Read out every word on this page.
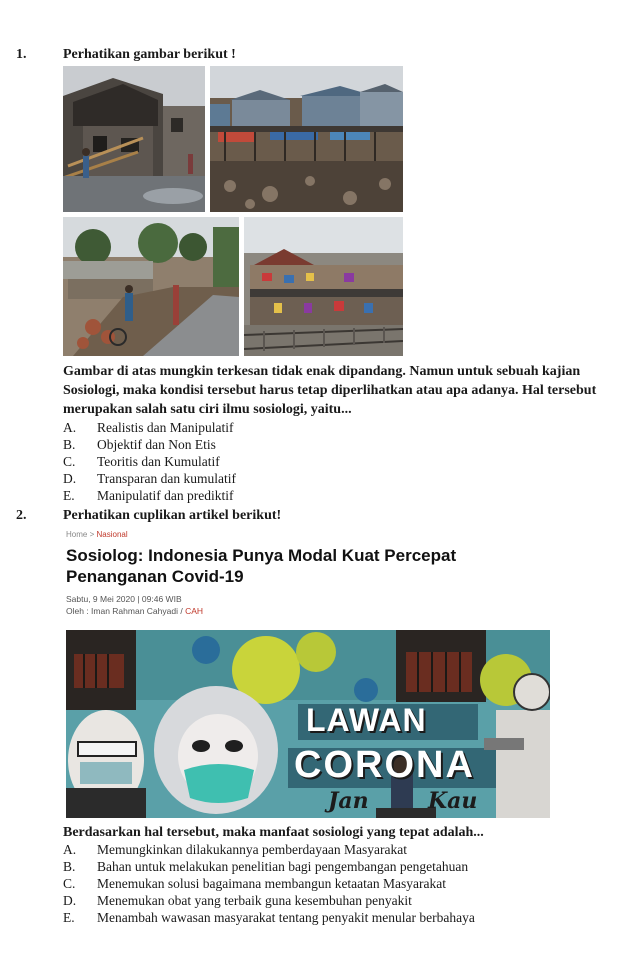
1.	Perhatikan gambar berikut !
Gambar di atas mungkin terkesan tidak enak dipandang. Namun untuk sebuah kajian
Sosiologi, maka kondisi tersebut harus tetap diperlihatkan atau apa adanya. Hal tersebut
merupakan salah satu ciri ilmu sosiologi, yaitu...
A. Realistis dan Manipulatif
B. Objektif dan Non Etis
C. Teoritis dan Kumulatif
D. Transparan dan kumulatif
E. Manipulatif dan prediktif
2.	Perhatikan cuplikan artikel berikut!
Home > Nasional
Sosiolog: Indonesia Punya Modal Kuat Percepat
Penanganan Covid-19
Sabtu, 9 Mei 2020 | 09:46 WIB
Oleh : Iman Rahman Cahyadi / CAH
LAWAN
CORONA
Jan	Kau
Berdasarkan hal tersebut, maka manfaat sosiologi yang tepat adalah...
A. Memungkinkan dilakukannya pemberdayaan Masyarakat
B. Bahan untuk melakukan penelitian bagi pengembangan pengetahuan
C. Menemukan solusi bagaimana membangun ketaatan Masyarakat
D. Menemukan obat yang terbaik guna kesembuhan penyakit
E. Menambah wawasan masyarakat tentang penyakit menular berbahaya
